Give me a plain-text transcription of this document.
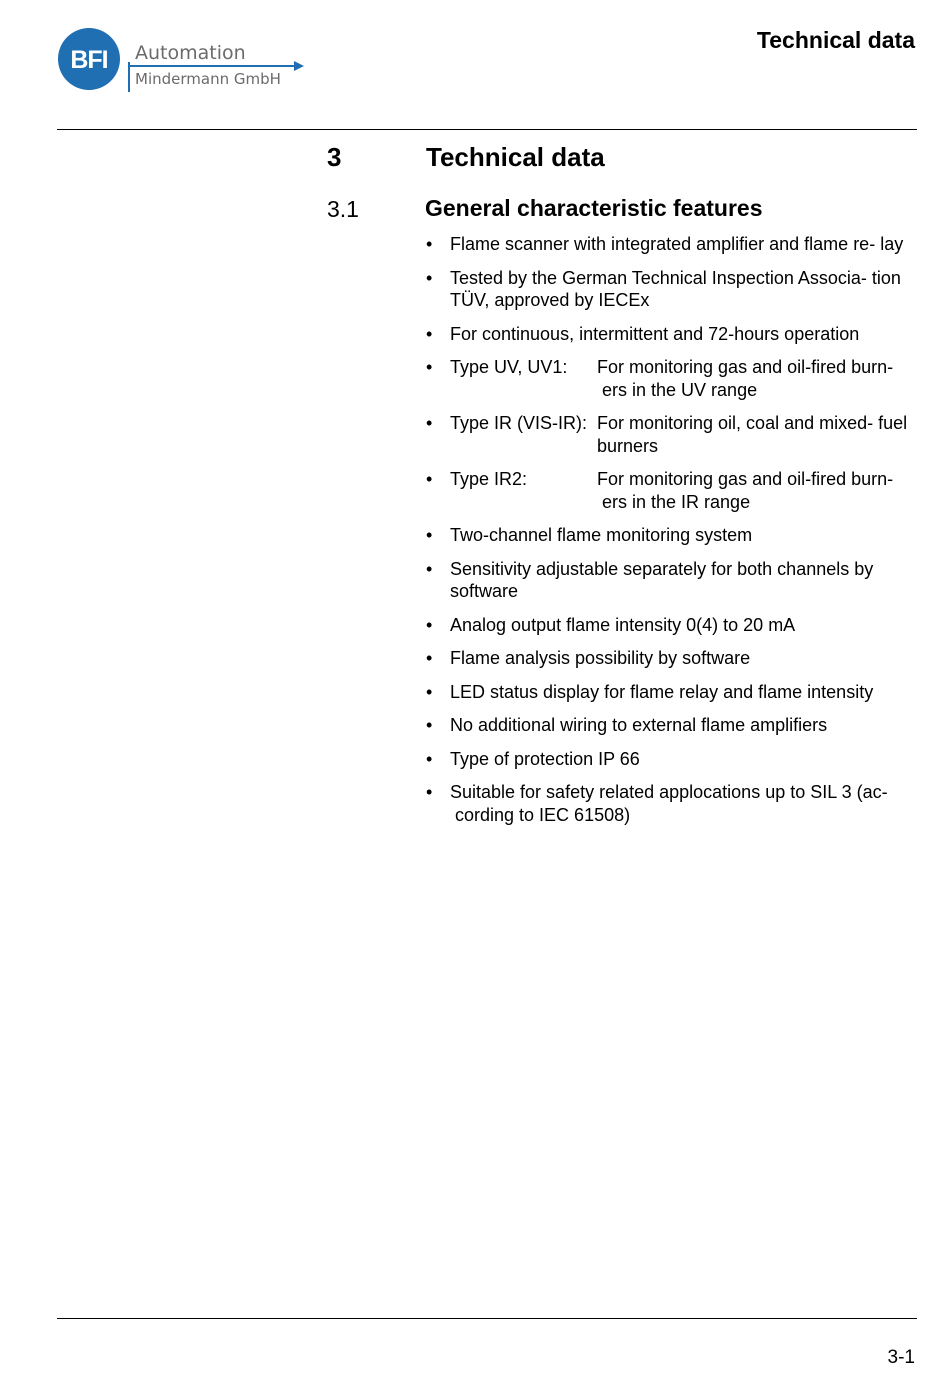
BFI	Automation
Mindermann GmbH
Technical data
3	Technical data
3.1	General characteristic features
• Flame scanner with integrated amplifier and flame re- lay
• Tested by the German Technical Inspection Associa- tion TÜV, approved by IECEx
• For continuous, intermittent and 72-hours operation
• Type UV, UV1: For monitoring gas and oil-fired burn- ers in the UV range
• Type IR (VIS-IR): For monitoring oil, coal and mixed- fuel burners
• Type IR2:	For monitoring gas and oil-fired burn- ers in the IR range
• Two-channel flame monitoring system
• Sensitivity adjustable separately for both channels by software
• Analog output flame intensity 0(4) to 20 mA
• Flame analysis possibility by software
• LED status display for flame relay and flame intensity
• No additional wiring to external flame amplifiers
• Type of protection IP 66
• Suitable for safety related applocations up to SIL 3 (ac- cording to IEC 61508)
3-1
